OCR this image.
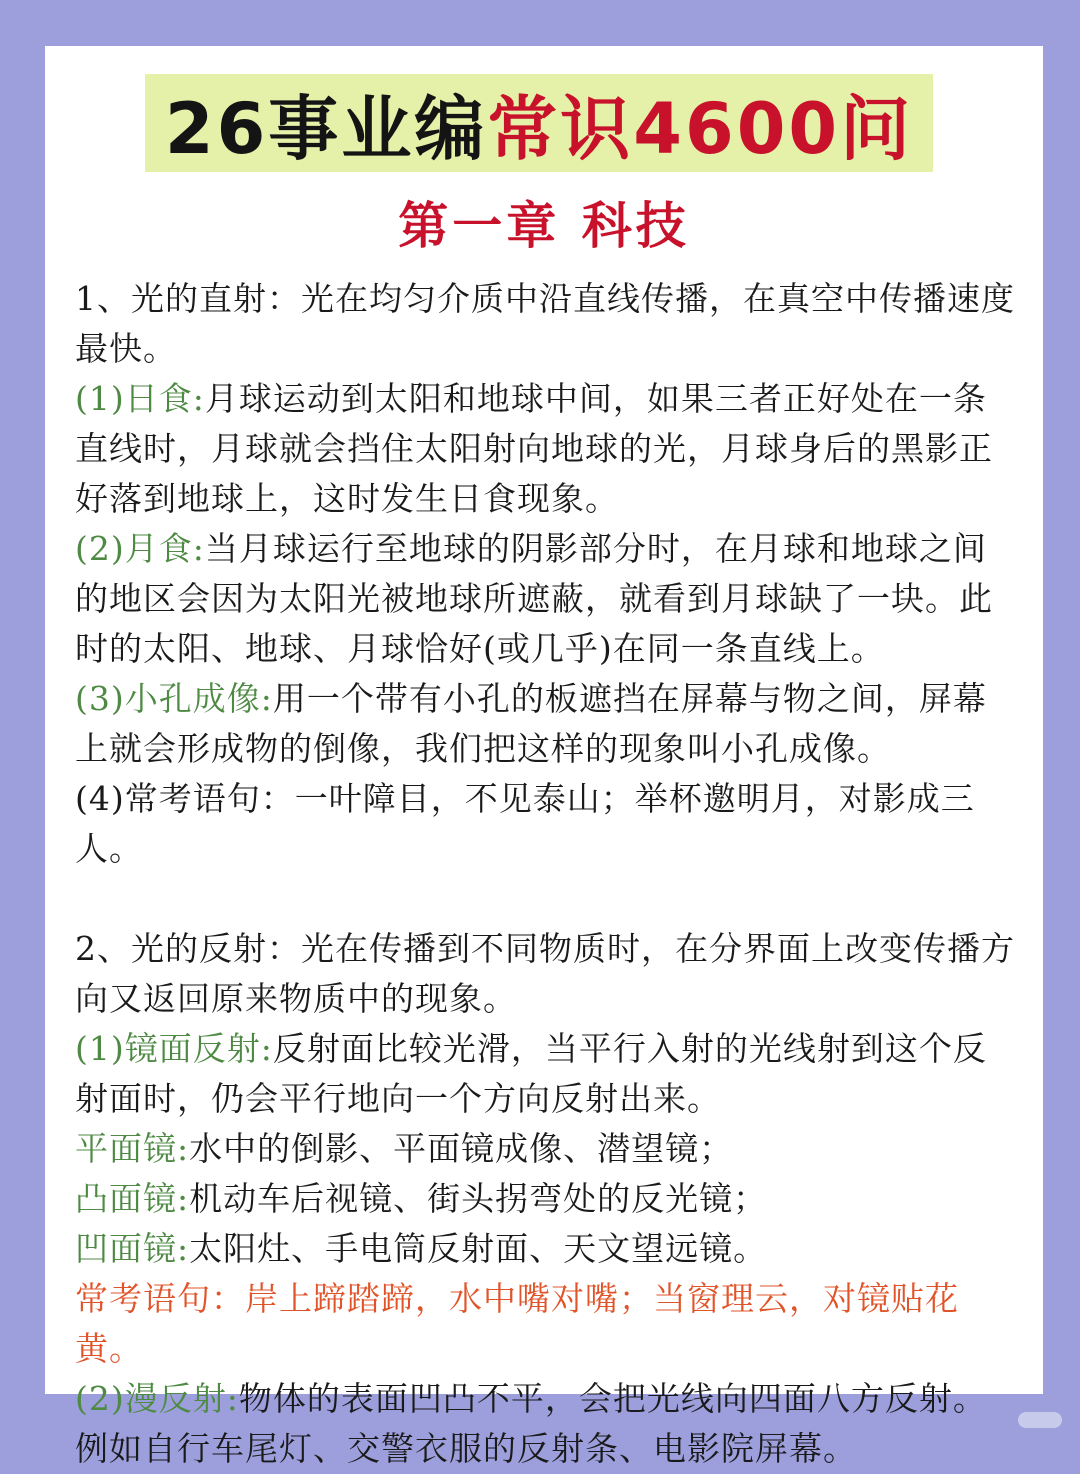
26事业编 常识4600问
第一章 科技

1、光的直射：光在均匀介质中沿直线传播，在真空中传播速度最快。

(1)日食:月球运动到太阳和地球中间，如果三者正好处在一条直线时，月球就会挡住太阳射向地球的光，月球身后的黑影正好落到地球上，这时发生日食现象。

(2)月食:当月球运行至地球的阴影部分时，在月球和地球之间的地区会因为太阳光被地球所遮蔽，就看到月球缺了一块。此时的太阳、地球、月球恰好(或几乎)在同一条直线上。

(3)小孔成像:用一个带有小孔的板遮挡在屏幕与物之间，屏幕上就会形成物的倒像，我们把这样的现象叫小孔成像。

(4)常考语句：一叶障目，不见泰山；举杯邀明月，对影成三人。

2、光的反射：光在传播到不同物质时，在分界面上改变传播方向又返回原来物质中的现象。

(1)镜面反射:反射面比较光滑，当平行入射的光线射到这个反射面时，仍会平行地向一个方向反射出来。

平面镜:水中的倒影、平面镜成像、潜望镜；

凸面镜:机动车后视镜、街头拐弯处的反光镜；

凹面镜:太阳灶、手电筒反射面、天文望远镜。

常考语句：岸上蹄踏蹄，水中嘴对嘴；当窗理云，对镜贴花黄。

(2)漫反射:物体的表面凹凸不平，会把光线向四面八方反射。例如自行车尾灯、交警衣服的反射条、电影院屏幕。
